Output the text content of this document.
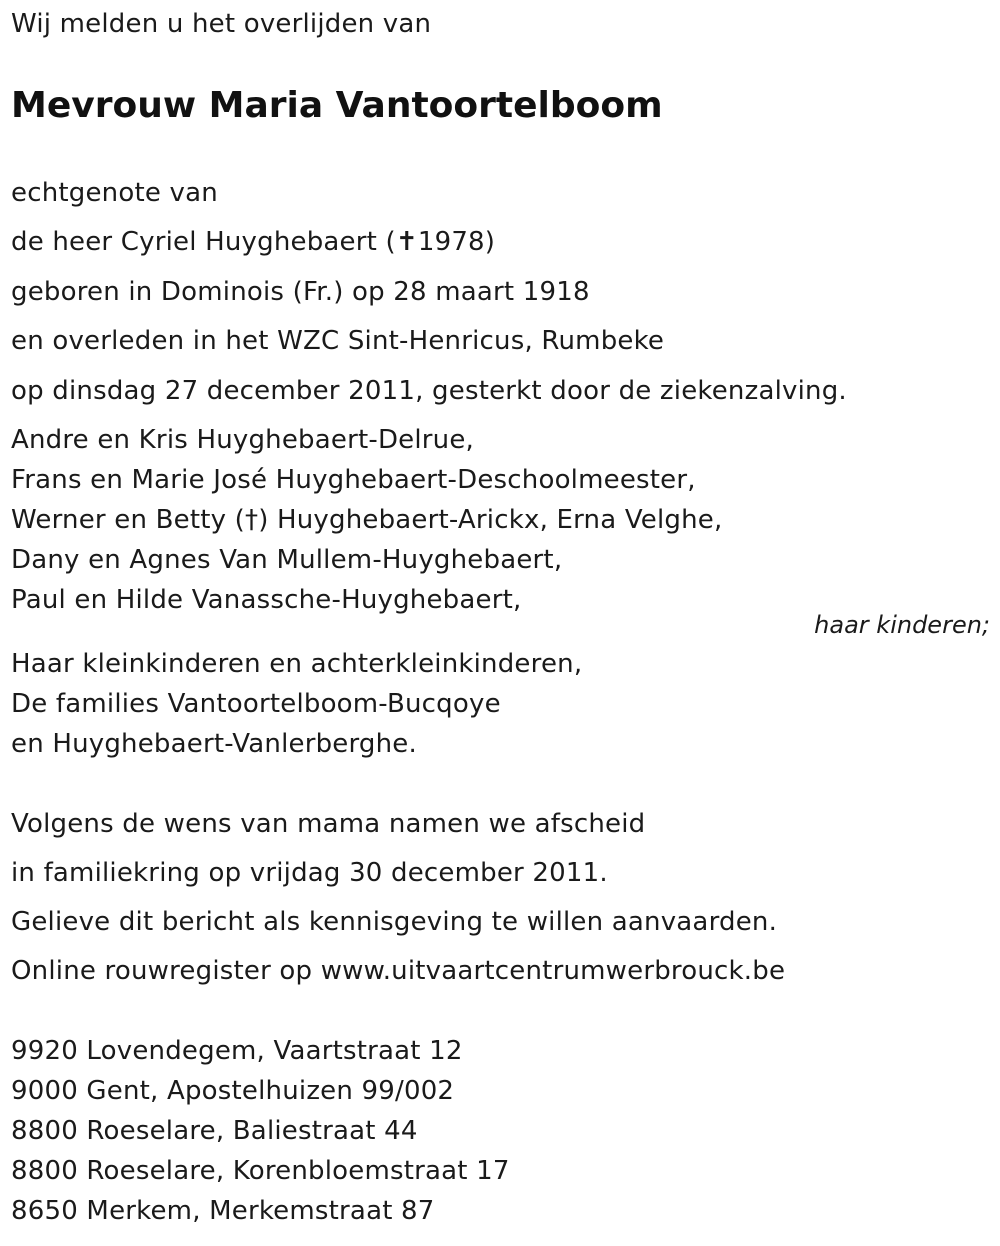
Wij melden u het overlijden van
Mevrouw Maria Vantoortelboom
echtgenote van
de heer Cyriel Huyghebaert (✝1978)
geboren in Dominois (Fr.) op 28 maart 1918
en overleden in het WZC Sint-Henricus, Rumbeke
op dinsdag 27 december 2011, gesterkt door de ziekenzalving.
Andre en Kris Huyghebaert-Delrue,
Frans en Marie José Huyghebaert-Deschoolmeester,
Werner en Betty (†) Huyghebaert-Arickx, Erna Velghe,
Dany en Agnes Van Mullem-Huyghebaert,
Paul en Hilde Vanassche-Huyghebaert,
haar kinderen;
Haar kleinkinderen en achterkleinkinderen,
De families Vantoortelboom-Bucqoye
en Huyghebaert-Vanlerberghe.
Volgens de wens van mama namen we afscheid
in familiekring op vrijdag 30 december 2011.
Gelieve dit bericht als kennisgeving te willen aanvaarden.
Online rouwregister op www.uitvaartcentrumwerbrouck.be
9920 Lovendegem, Vaartstraat 12
9000 Gent, Apostelhuizen 99/002
8800 Roeselare, Baliestraat 44
8800 Roeselare, Korenbloemstraat 17
8650 Merkem, Merkemstraat 87
